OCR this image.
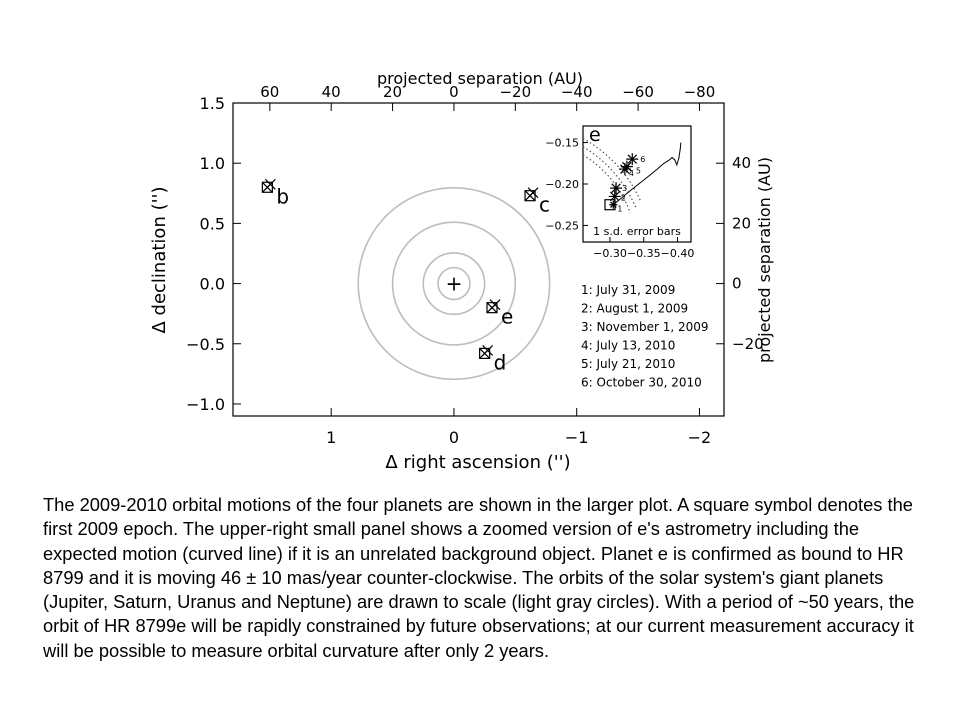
+
1	0	−1	−2
1.5
1.0
0.5
0.0
−0.5
−1.0
60	40	20	0	−20 −40 −60 −80
40
20
0
−20
b	c
e
d
Δ right ascension ('')
projected separation (AU)
Δ declination ('')	projected separation (AU)
−0.30 −0.35 −0.40
−0.15
−0.20
−0.25
1
2
3
4 5
6
e
1 s.d. error bars
1: July 31, 2009
2: August 1, 2009
3: November 1, 2009
4: July 13, 2010
5: July 21, 2010
6: October 30, 2010

The 2009-2010 orbital motions of the four planets are shown in the larger plot. A square symbol denotes the first 2009 epoch. The upper-right small panel shows a zoomed version of e's astrometry including the expected motion (curved line) if it is an unrelated background object. Planet e is confirmed as bound to HR 8799 and it is moving 46 ± 10 mas/year counter-clockwise. The orbits of the solar system's giant planets (Jupiter, Saturn, Uranus and Neptune) are drawn to scale (light gray circles). With a period of ~50 years, the orbit of HR 8799e will be rapidly constrained by future observations; at our current measurement accuracy it will be possible to measure orbital curvature after only 2 years.
